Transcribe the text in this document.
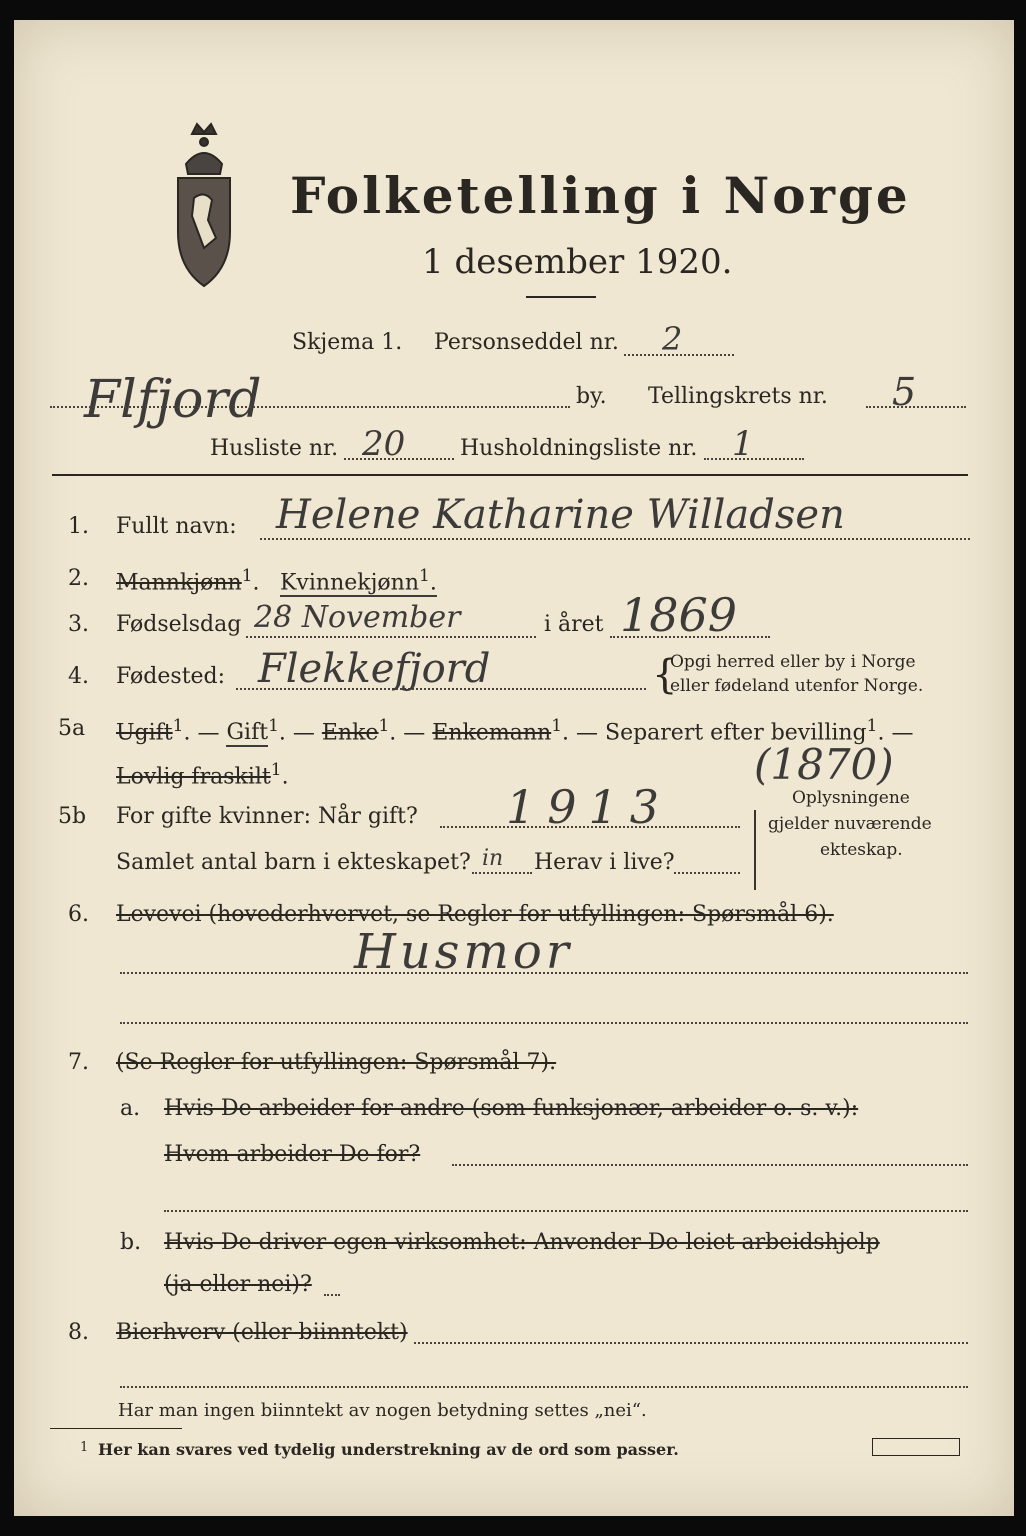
Folketelling i Norge
1 desember 1920.
Skjema 1. Personseddel nr. 2
Flfjord	by. Tellingskrets nr. 5
Husliste nr. 20 Husholdningsliste nr. 1
1. Fullt navn: Helene Katharine Willadsen
2. Mannkjønn$^1$. Kvinnekjønn$^1$.
3. Fødselsdag 28 November	i året 1869
4. Fødested: Flekkefjord	{
Opgi herred eller by i Norge
eller fødeland utenfor Norge.
5a Ugift$^1$. — Gift$^1$. — Enke$^1$. — Enkemann$^1$. — Separert efter bevilling$^1$. —
Lovlig fraskilt$^1$.	(1870)
5b For gifte kvinner: Når gift? 1913
Samlet antal barn i ekteskapet? in Herav i live?
Oplysningene
gjelder nuværende
ekteskap.
6. Levevei (hovederhvervet, se Regler for utfyllingen: Spørsmål 6).
Husmor
7. (Se Regler for utfyllingen: Spørsmål 7).
a. Hvis De arbeider for andre (som funksjonær, arbeider o. s. v.):
Hvem arbeider De for?
b. Hvis De driver egen virksomhet: Anvender De leiet arbeidshjelp
(ja eller nei)?
8. Bierhverv (eller biinntekt)
Har man ingen biinntekt av nogen betydning settes „nei“.
1 Her kan svares ved tydelig understrekning av de ord som passer.
